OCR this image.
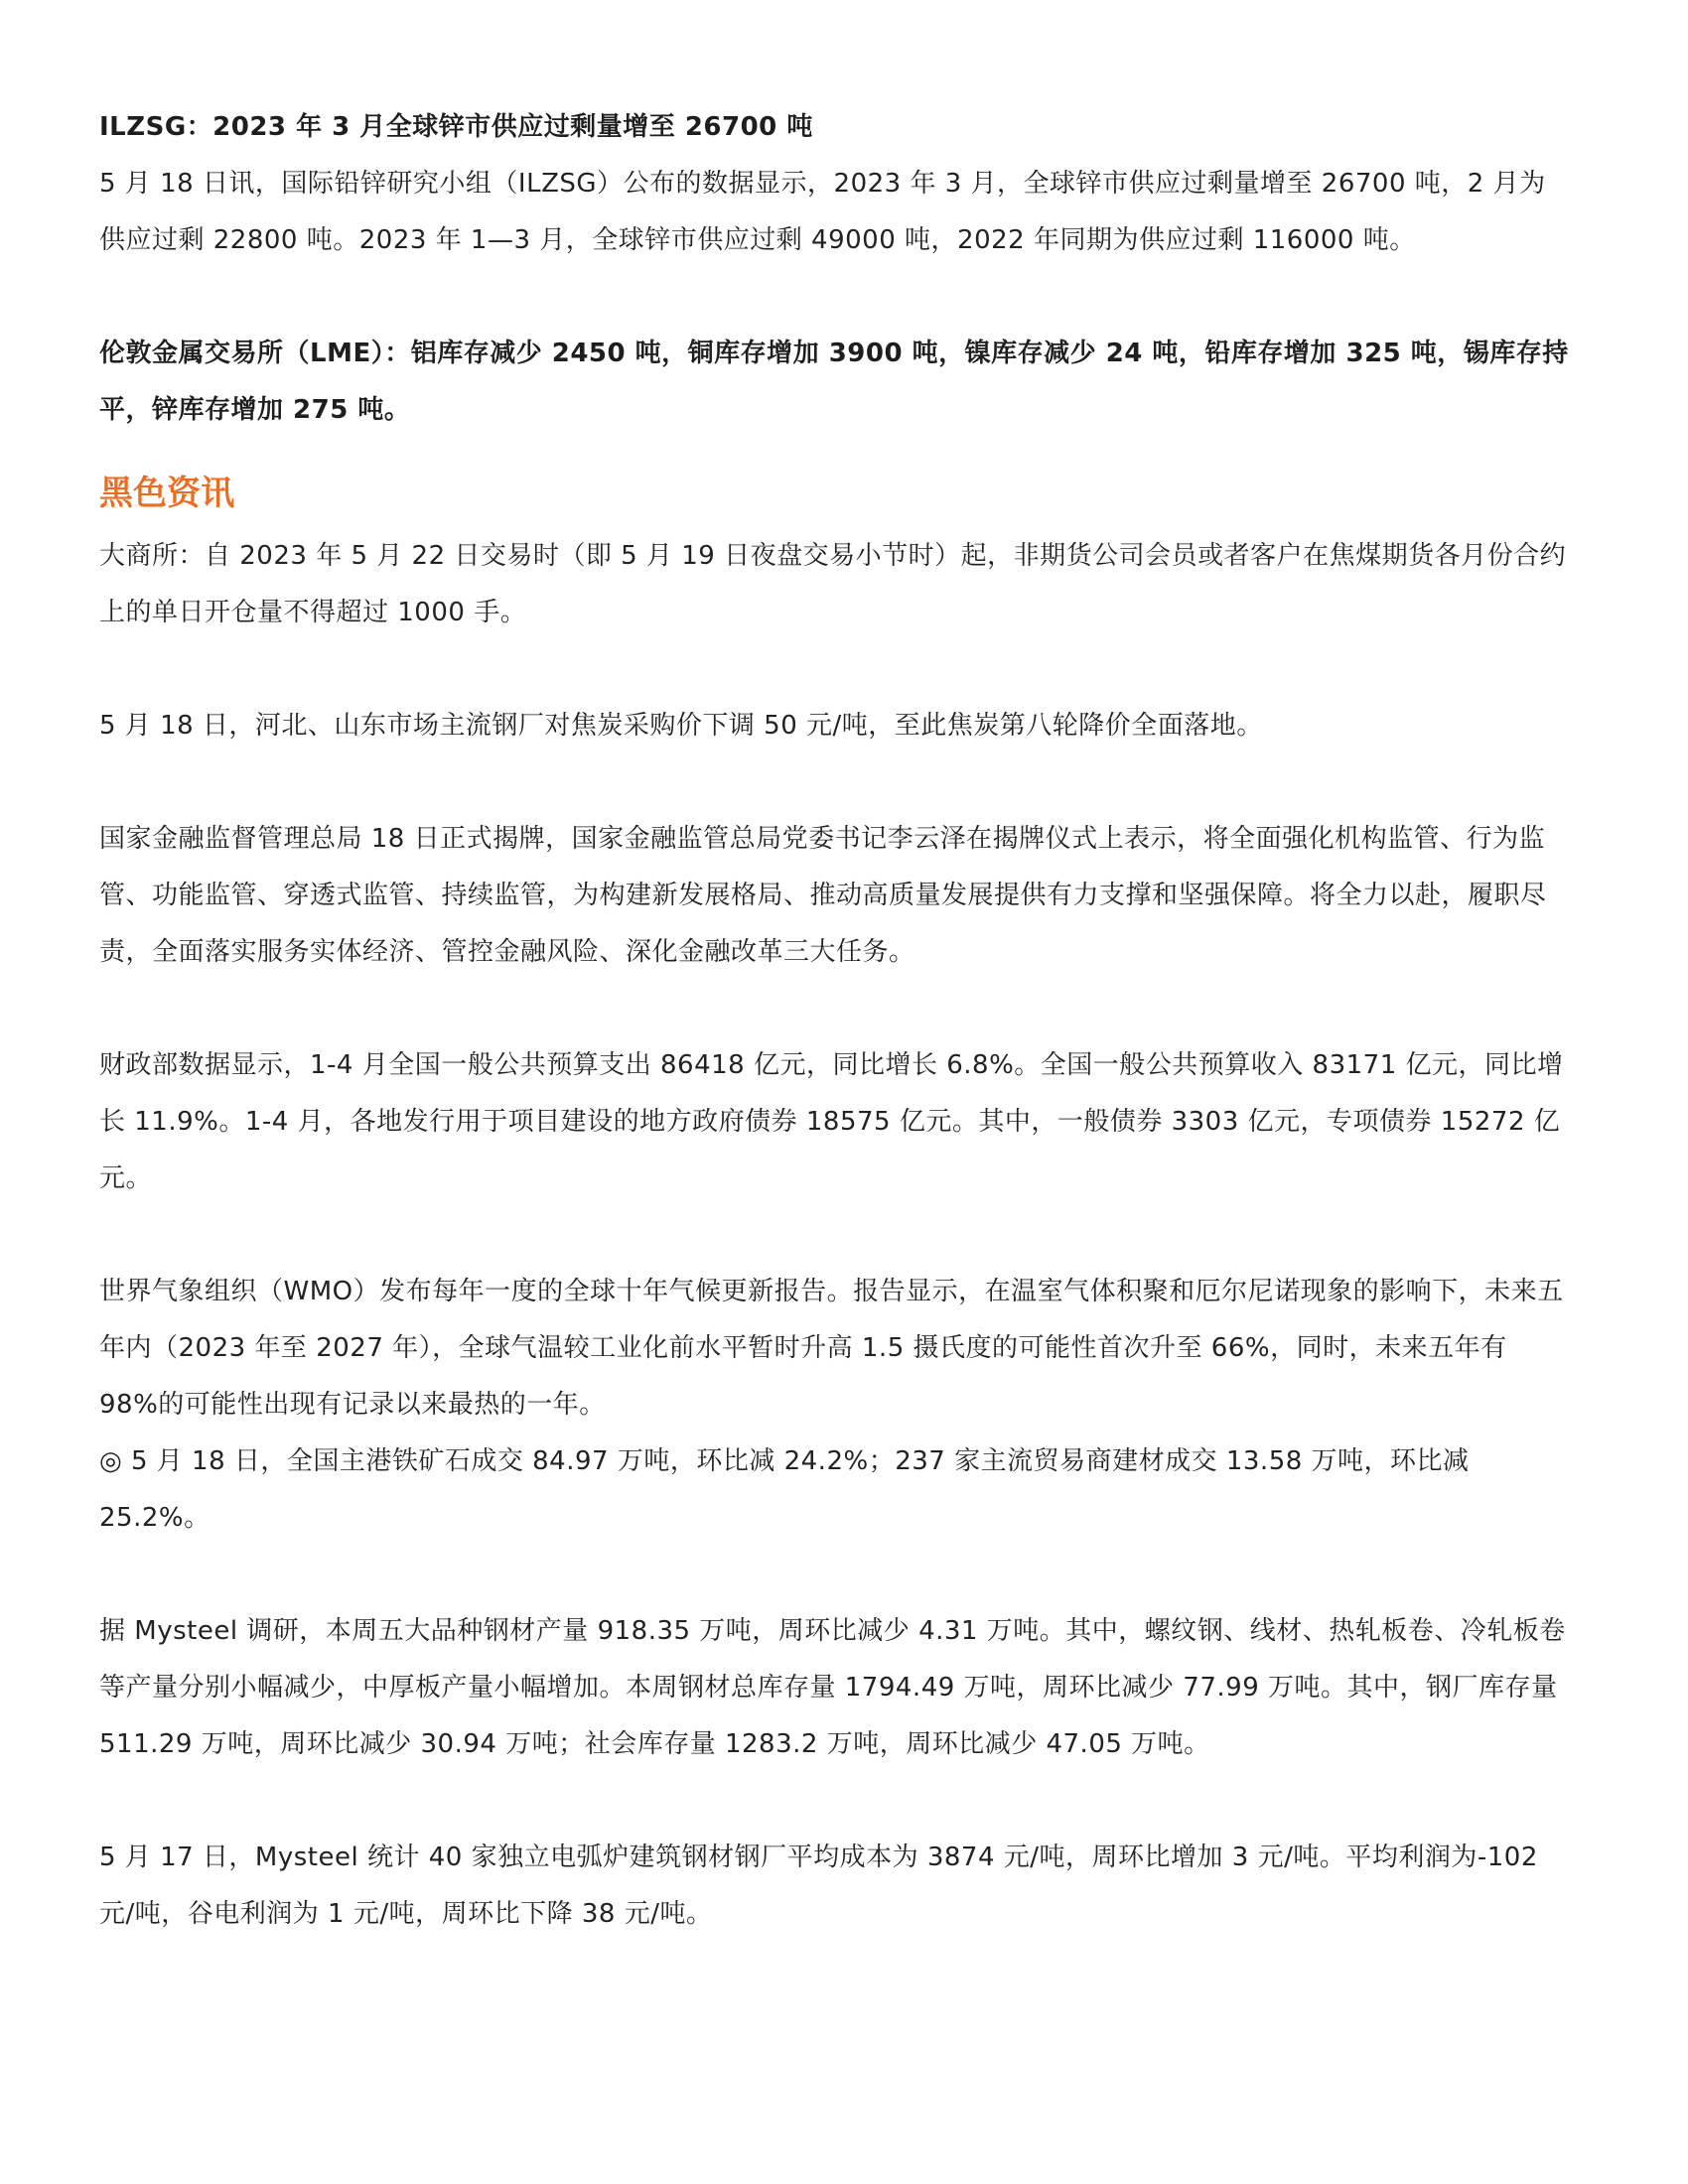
ILZSG：2023 年 3 月全球锌市供应过剩量增至 26700 吨

5 月 18 日讯，国际铅锌研究小组（ILZSG）公布的数据显示，2023 年 3 月，全球锌市供应过剩量增至 26700 吨，2 月为供应过剩 22800 吨。2023 年 1—3 月，全球锌市供应过剩 49000 吨，2022 年同期为供应过剩 116000 吨。

伦敦金属交易所（LME）：铝库存减少 2450 吨，铜库存增加 3900 吨，镍库存减少 24 吨，铅库存增加 325 吨，锡库存持平，锌库存增加 275 吨。

黑色资讯

大商所：自 2023 年 5 月 22 日交易时（即 5 月 19 日夜盘交易小节时）起，非期货公司会员或者客户在焦煤期货各月份合约上的单日开仓量不得超过 1000 手。

5 月 18 日，河北、山东市场主流钢厂对焦炭采购价下调 50 元/吨，至此焦炭第八轮降价全面落地。

国家金融监督管理总局 18 日正式揭牌，国家金融监管总局党委书记李云泽在揭牌仪式上表示，将全面强化机构监管、行为监管、功能监管、穿透式监管、持续监管，为构建新发展格局、推动高质量发展提供有力支撑和坚强保障。将全力以赴，履职尽责，全面落实服务实体经济、管控金融风险、深化金融改革三大任务。

财政部数据显示，1-4 月全国一般公共预算支出 86418 亿元，同比增长 6.8%。全国一般公共预算收入 83171 亿元，同比增长 11.9%。1-4 月，各地发行用于项目建设的地方政府债券 18575 亿元。其中，一般债券 3303 亿元，专项债券 15272 亿元。

世界气象组织（WMO）发布每年一度的全球十年气候更新报告。报告显示，在温室气体积聚和厄尔尼诺现象的影响下，未来五年内（2023 年至 2027 年），全球气温较工业化前水平暂时升高 1.5 摄氏度的可能性首次升至 66%，同时，未来五年有 98%的可能性出现有记录以来最热的一年。

◎ 5 月 18 日，全国主港铁矿石成交 84.97 万吨，环比减 24.2%；237 家主流贸易商建材成交 13.58 万吨，环比减 25.2%。

据 Mysteel 调研，本周五大品种钢材产量 918.35 万吨，周环比减少 4.31 万吨。其中，螺纹钢、线材、热轧板卷、冷轧板卷等产量分别小幅减少，中厚板产量小幅增加。本周钢材总库存量 1794.49 万吨，周环比减少 77.99 万吨。其中，钢厂库存量 511.29 万吨，周环比减少 30.94 万吨；社会库存量 1283.2 万吨，周环比减少 47.05 万吨。

5 月 17 日，Mysteel 统计 40 家独立电弧炉建筑钢材钢厂平均成本为 3874 元/吨，周环比增加 3 元/吨。平均利润为-102 元/吨，谷电利润为 1 元/吨，周环比下降 38 元/吨。
